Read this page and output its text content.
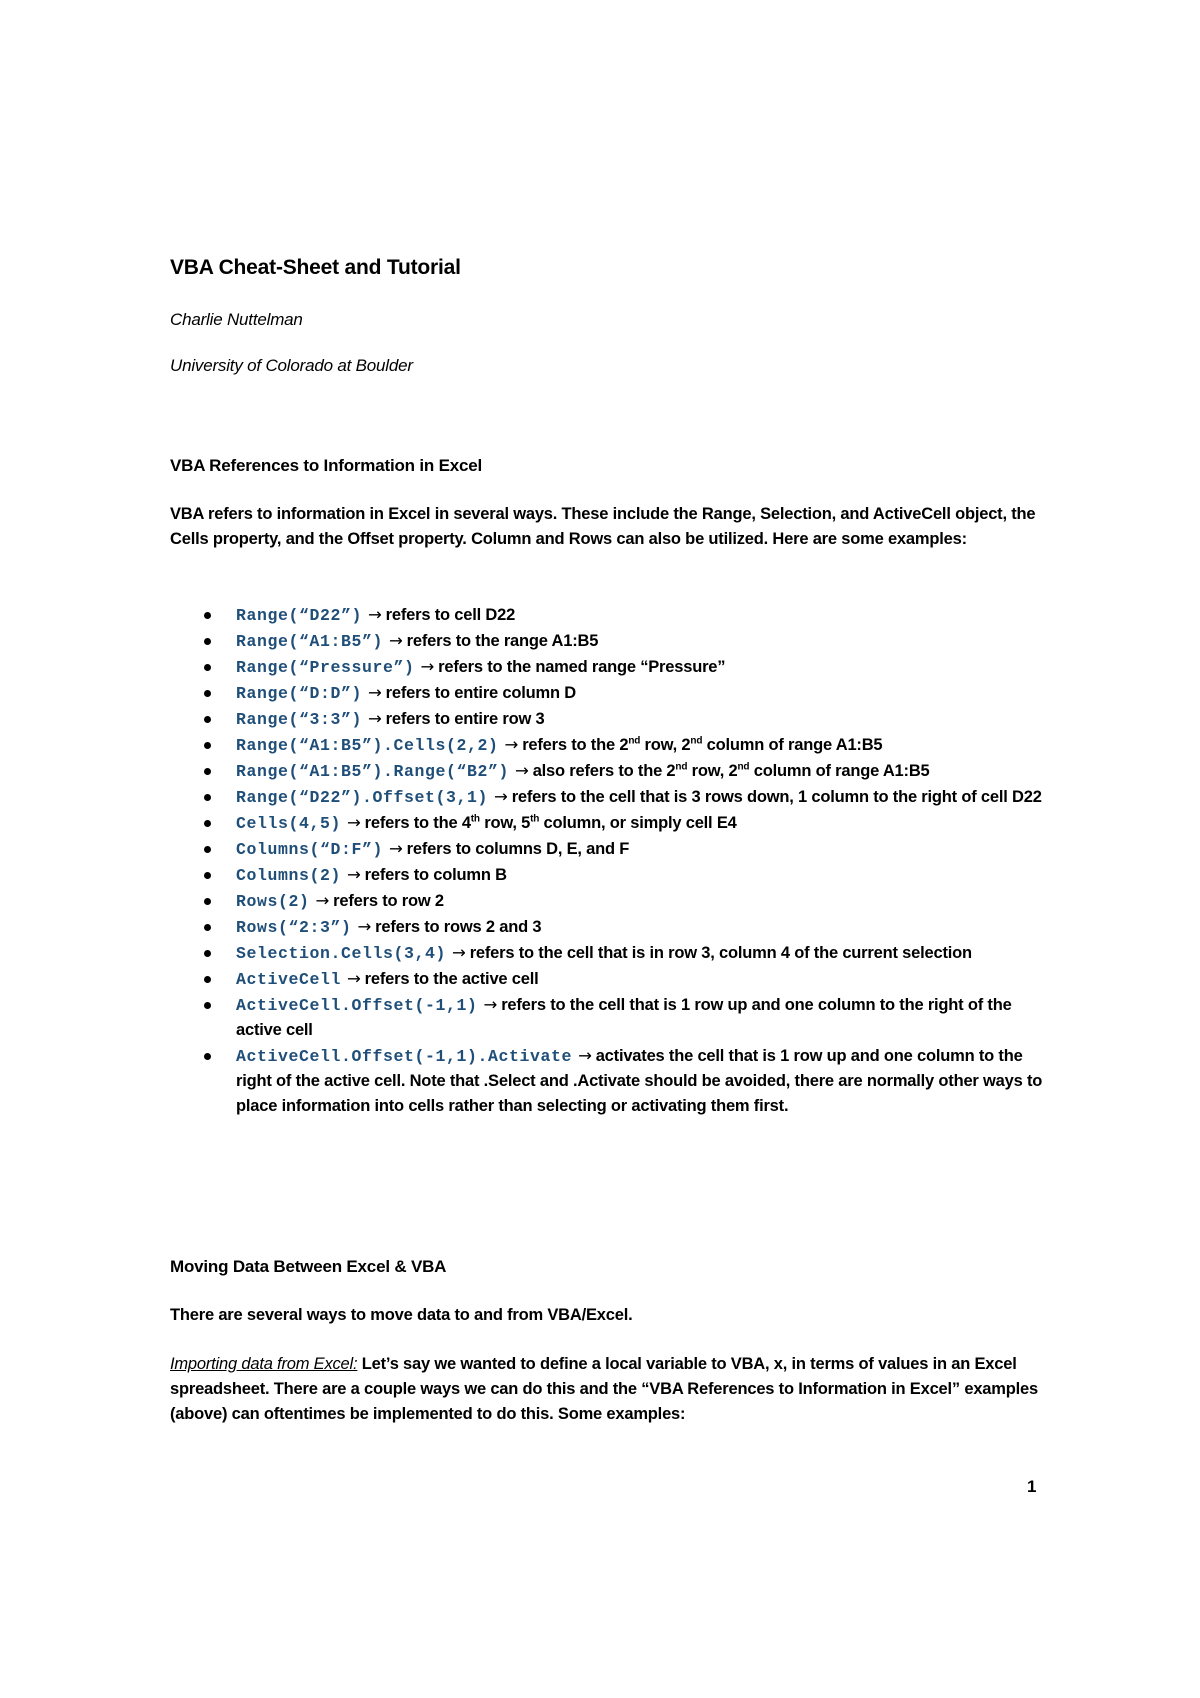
VBA Cheat-Sheet and Tutorial
Charlie Nuttelman
University of Colorado at Boulder
VBA References to Information in Excel
VBA refers to information in Excel in several ways. These include the Range, Selection, and ActiveCell object, the Cells property, and the Offset property. Column and Rows can also be utilized. Here are some examples:
Range(“D22”) → refers to cell D22
Range(“A1:B5”) → refers to the range A1:B5
Range(“Pressure”) → refers to the named range “Pressure”
Range(“D:D”) → refers to entire column D
Range(“3:3”) → refers to entire row 3
Range(“A1:B5”).Cells(2,2) → refers to the 2nd row, 2nd column of range A1:B5
Range(“A1:B5”).Range(“B2”) → also refers to the 2nd row, 2nd column of range A1:B5
Range(“D22”).Offset(3,1) → refers to the cell that is 3 rows down, 1 column to the right of cell D22
Cells(4,5) → refers to the 4th row, 5th column, or simply cell E4
Columns(“D:F”) → refers to columns D, E, and F
Columns(2) → refers to column B
Rows(2) → refers to row 2
Rows(“2:3”) → refers to rows 2 and 3
Selection.Cells(3,4) → refers to the cell that is in row 3, column 4 of the current selection
ActiveCell → refers to the active cell
ActiveCell.Offset(-1,1) → refers to the cell that is 1 row up and one column to the right of the active cell
ActiveCell.Offset(-1,1).Activate → activates the cell that is 1 row up and one column to the right of the active cell. Note that .Select and .Activate should be avoided, there are normally other ways to place information into cells rather than selecting or activating them first.
Moving Data Between Excel & VBA
There are several ways to move data to and from VBA/Excel.
Importing data from Excel: Let’s say we wanted to define a local variable to VBA, x, in terms of values in an Excel spreadsheet. There are a couple ways we can do this and the “VBA References to Information in Excel” examples (above) can oftentimes be implemented to do this. Some examples:
1
